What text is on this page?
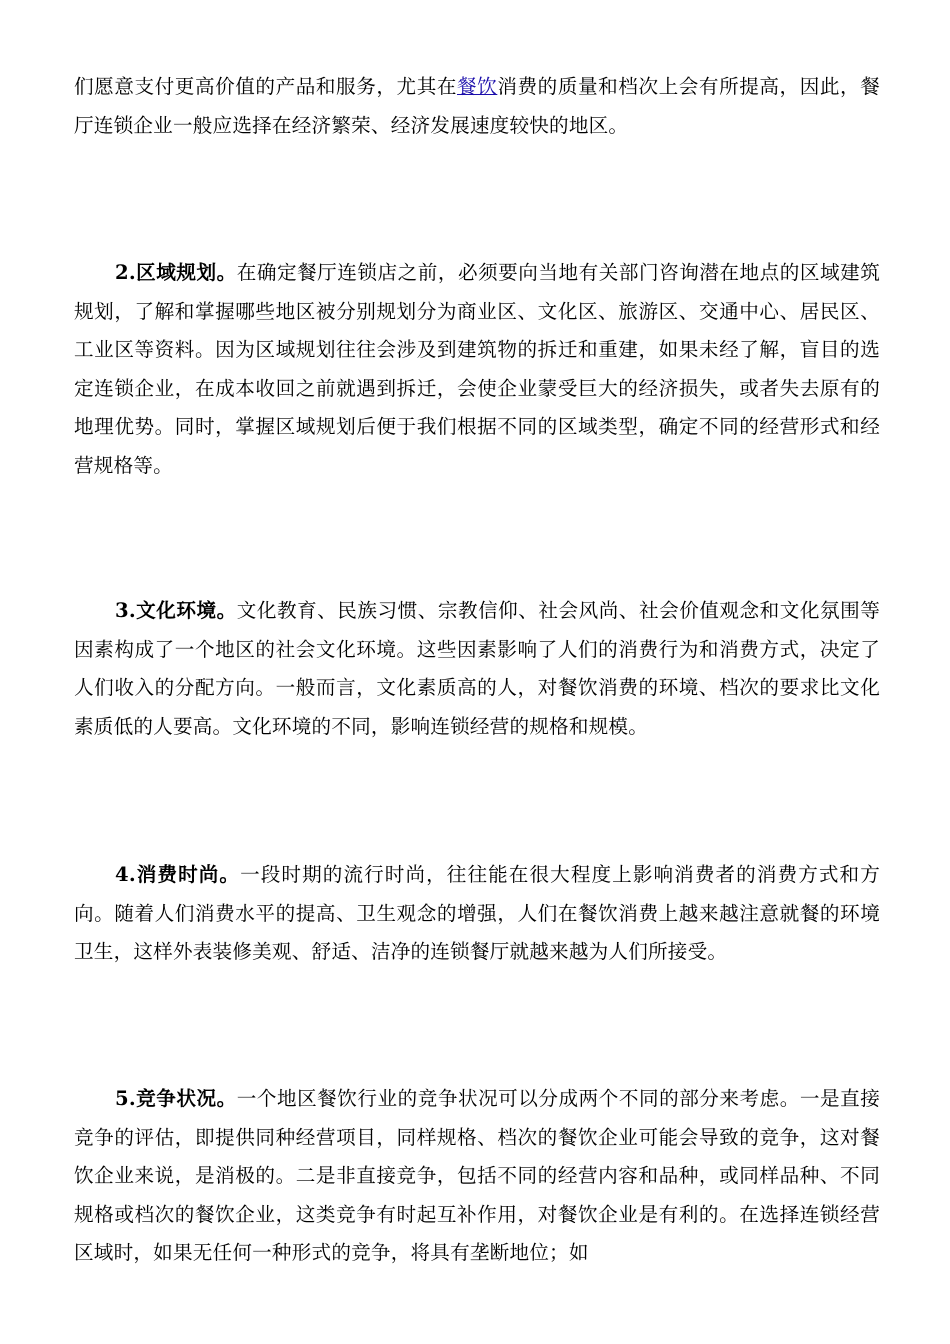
们愿意支付更高价值的产品和服务，尤其在餐饮消费的质量和档次上会有所提高，因此，餐厅连锁企业一般应选择在经济繁荣、经济发展速度较快的地区。

2.区域规划。在确定餐厅连锁店之前，必须要向当地有关部门咨询潜在地点的区域建筑规划，了解和掌握哪些地区被分别规划分为商业区、文化区、旅游区、交通中心、居民区、工业区等资料。因为区域规划往往会涉及到建筑物的拆迁和重建，如果未经了解，盲目的选定连锁企业，在成本收回之前就遇到拆迁，会使企业蒙受巨大的经济损失，或者失去原有的地理优势。同时，掌握区域规划后便于我们根据不同的区域类型，确定不同的经营形式和经营规格等。

3.文化环境。文化教育、民族习惯、宗教信仰、社会风尚、社会价值观念和文化氛围等因素构成了一个地区的社会文化环境。这些因素影响了人们的消费行为和消费方式，决定了人们收入的分配方向。一般而言，文化素质高的人，对餐饮消费的环境、档次的要求比文化素质低的人要高。文化环境的不同，影响连锁经营的规格和规模。

4.消费时尚。一段时期的流行时尚，往往能在很大程度上影响消费者的消费方式和方向。随着人们消费水平的提高、卫生观念的增强，人们在餐饮消费上越来越注意就餐的环境卫生，这样外表装修美观、舒适、洁净的连锁餐厅就越来越为人们所接受。

5.竞争状况。一个地区餐饮行业的竞争状况可以分成两个不同的部分来考虑。一是直接竞争的评估，即提供同种经营项目，同样规格、档次的餐饮企业可能会导致的竞争，这对餐饮企业来说，是消极的。二是非直接竞争，包括不同的经营内容和品种，或同样品种、不同规格或档次的餐饮企业，这类竞争有时起互补作用，对餐饮企业是有利的。在选择连锁经营区域时，如果无任何一种形式的竞争，将具有垄断地位；如
